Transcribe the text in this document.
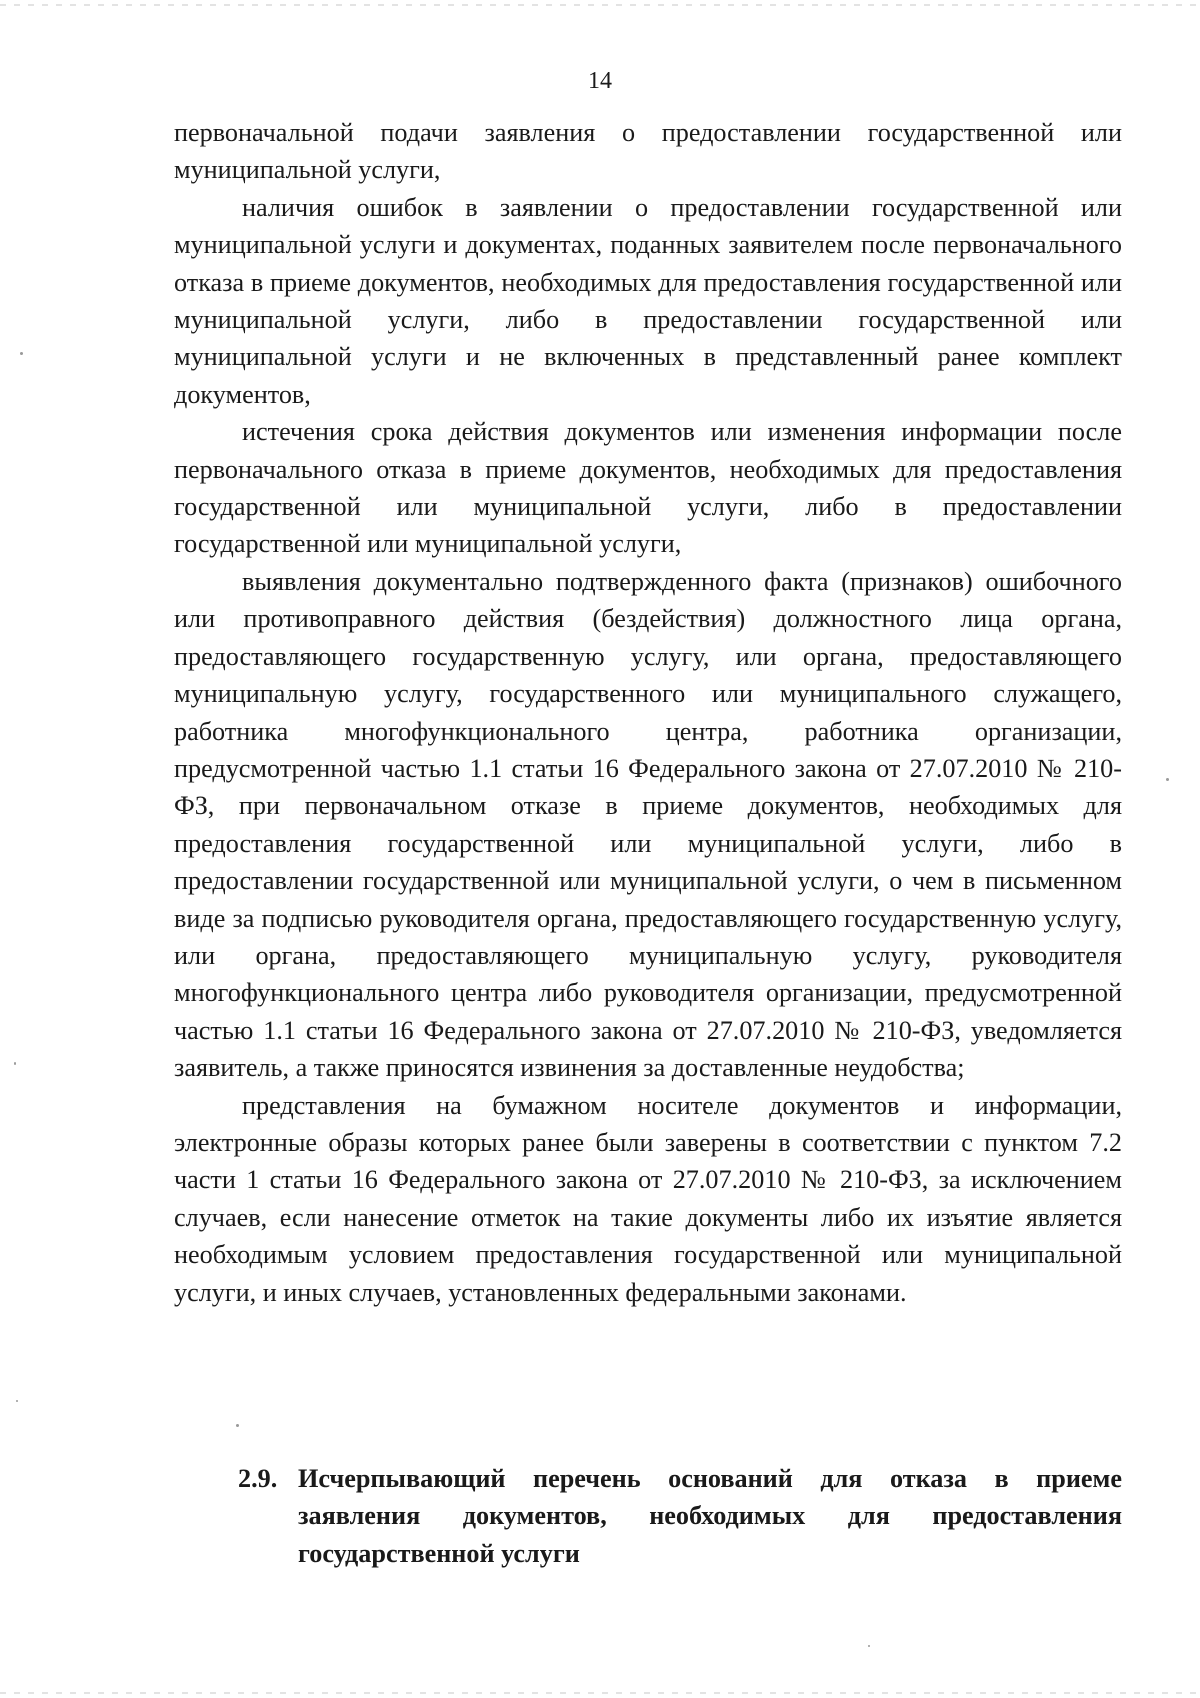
14

первоначальной подачи заявления о предоставлении государственной или муниципальной услуги,

наличия ошибок в заявлении о предоставлении государственной или муниципальной услуги и документах, поданных заявителем после первоначального отказа в приеме документов, необходимых для предоставления государственной или муниципальной услуги, либо в предоставлении государственной или муниципальной услуги и не включенных в представленный ранее комплект документов,

истечения срока действия документов или изменения информации после первоначального отказа в приеме документов, необходимых для предоставления государственной или муниципальной услуги, либо в предоставлении государственной или муниципальной услуги,

выявления документально подтвержденного факта (признаков) ошибочного или противоправного действия (бездействия) должностного лица органа, предоставляющего государственную услугу, или органа, предоставляющего муниципальную услугу, государственного или муниципального служащего, работника многофункционального центра, работника организации, предусмотренной частью 1.1 статьи 16 Федерального закона от 27.07.2010 № 210-ФЗ, при первоначальном отказе в приеме документов, необходимых для предоставления государственной или муниципальной услуги, либо в предоставлении государственной или муниципальной услуги, о чем в письменном виде за подписью руководителя органа, предоставляющего государственную услугу, или органа, предоставляющего муниципальную услугу, руководителя многофункционального центра либо руководителя организации, предусмотренной частью 1.1 статьи 16 Федерального закона от 27.07.2010 № 210-ФЗ, уведомляется заявитель, а также приносятся извинения за доставленные неудобства;

представления на бумажном носителе документов и информации, электронные образы которых ранее были заверены в соответствии с пунктом 7.2 части 1 статьи 16 Федерального закона от 27.07.2010 № 210-ФЗ, за исключением случаев, если нанесение отметок на такие документы либо их изъятие является необходимым условием предоставления государственной или муниципальной услуги, и иных случаев, установленных федеральными законами.

2.9. Исчерпывающий перечень оснований для отказа в приеме заявления документов, необходимых для предоставления государственной услуги
